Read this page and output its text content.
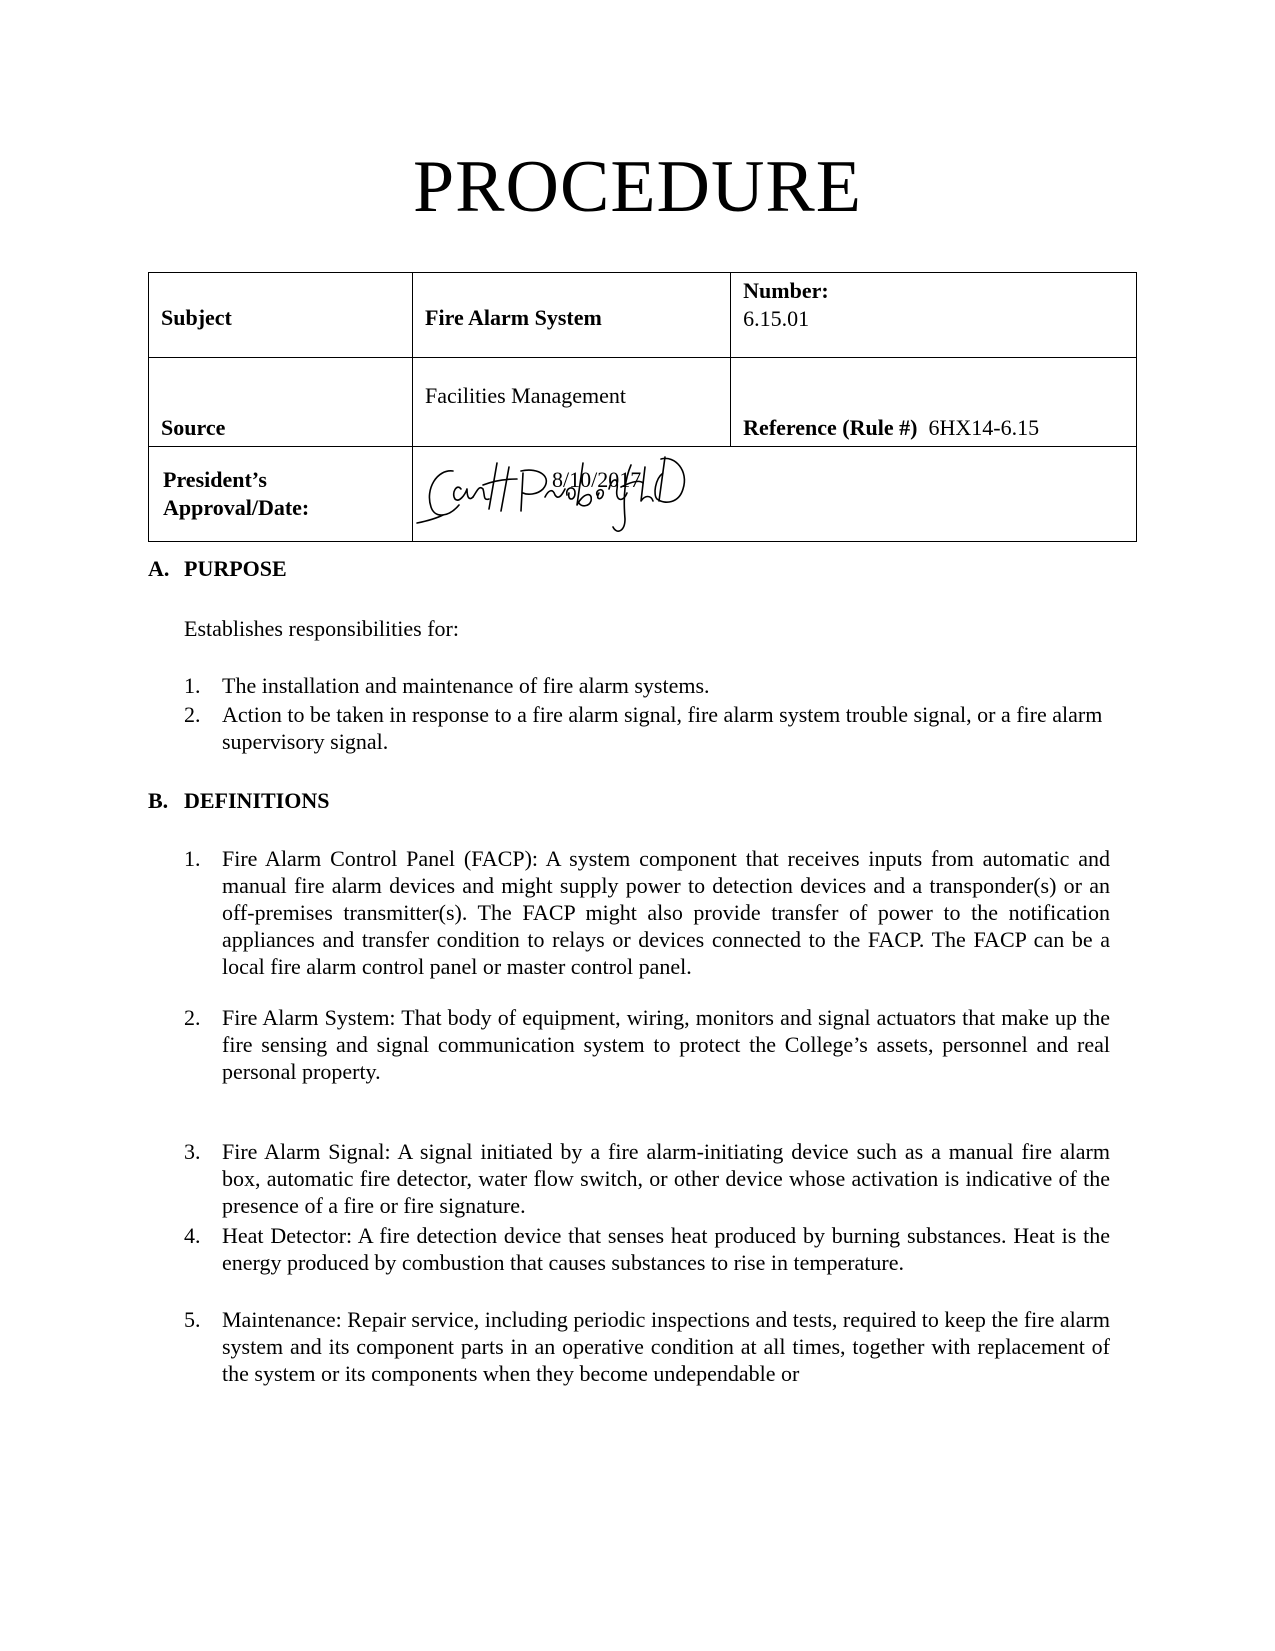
PROCEDURE
Subject	Fire Alarm System	Number:
6.15.01

Source	Facilities Management	Reference (Rule #) 6HX14-6.15

President’s
Approval/Date:

8/10/2017
A. PURPOSE
Establishes responsibilities for:
1. The installation and maintenance of fire alarm systems.
2. Action to be taken in response to a fire alarm signal, fire alarm system trouble signal, or a fire alarm supervisory signal.
B. DEFINITIONS
1. Fire Alarm Control Panel (FACP): A system component that receives inputs from automatic and manual fire alarm devices and might supply power to detection devices and a transponder(s) or an off-premises transmitter(s). The FACP might also provide transfer of power to the notification appliances and transfer condition to relays or devices connected to the FACP. The FACP can be a local fire alarm control panel or master control panel.
2. Fire Alarm System: That body of equipment, wiring, monitors and signal actuators that make up the fire sensing and signal communication system to protect the College’s assets, personnel and real personal property.
3. Fire Alarm Signal: A signal initiated by a fire alarm-initiating device such as a manual fire alarm box, automatic fire detector, water flow switch, or other device whose activation is indicative of the presence of a fire or fire signature.
4. Heat Detector: A fire detection device that senses heat produced by burning substances. Heat is the energy produced by combustion that causes substances to rise in temperature.
5. Maintenance: Repair service, including periodic inspections and tests, required to keep the fire alarm system and its component parts in an operative condition at all times, together with replacement of the system or its components when they become undependable or
